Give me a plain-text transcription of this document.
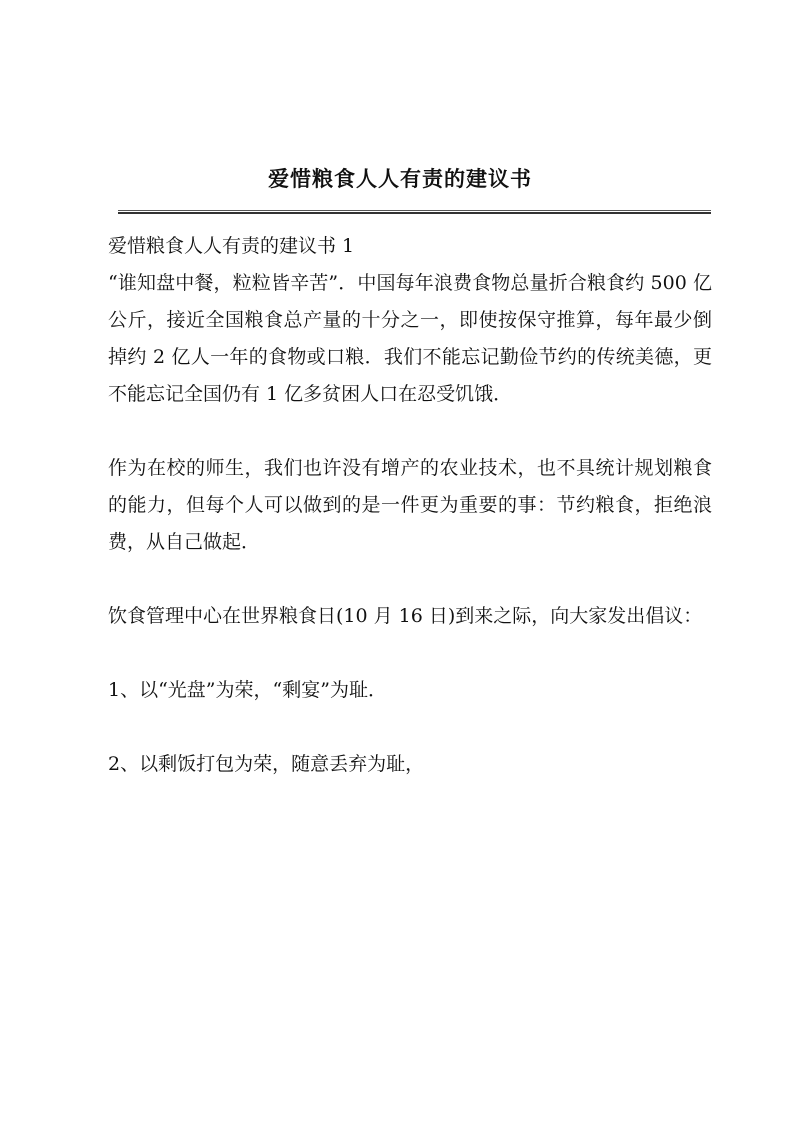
爱惜粮食人人有责的建议书

爱惜粮食人人有责的建议书 1

“谁知盘中餐，粒粒皆辛苦”．中国每年浪费食物总量折合粮食约 500 亿公斤，接近全国粮食总产量的十分之一，即使按保守推算，每年最少倒掉约 2 亿人一年的食物或口粮．我们不能忘记勤俭节约的传统美德，更不能忘记全国仍有 1 亿多贫困人口在忍受饥饿．

作为在校的师生，我们也许没有增产的农业技术，也不具统计规划粮食的能力，但每个人可以做到的是一件更为重要的事：节约粮食，拒绝浪费，从自己做起．

饮食管理中心在世界粮食日(10 月 16 日)到来之际，向大家发出倡议：

1、以“光盘”为荣，“剩宴”为耻．

2、以剩饭打包为荣，随意丢弃为耻，
